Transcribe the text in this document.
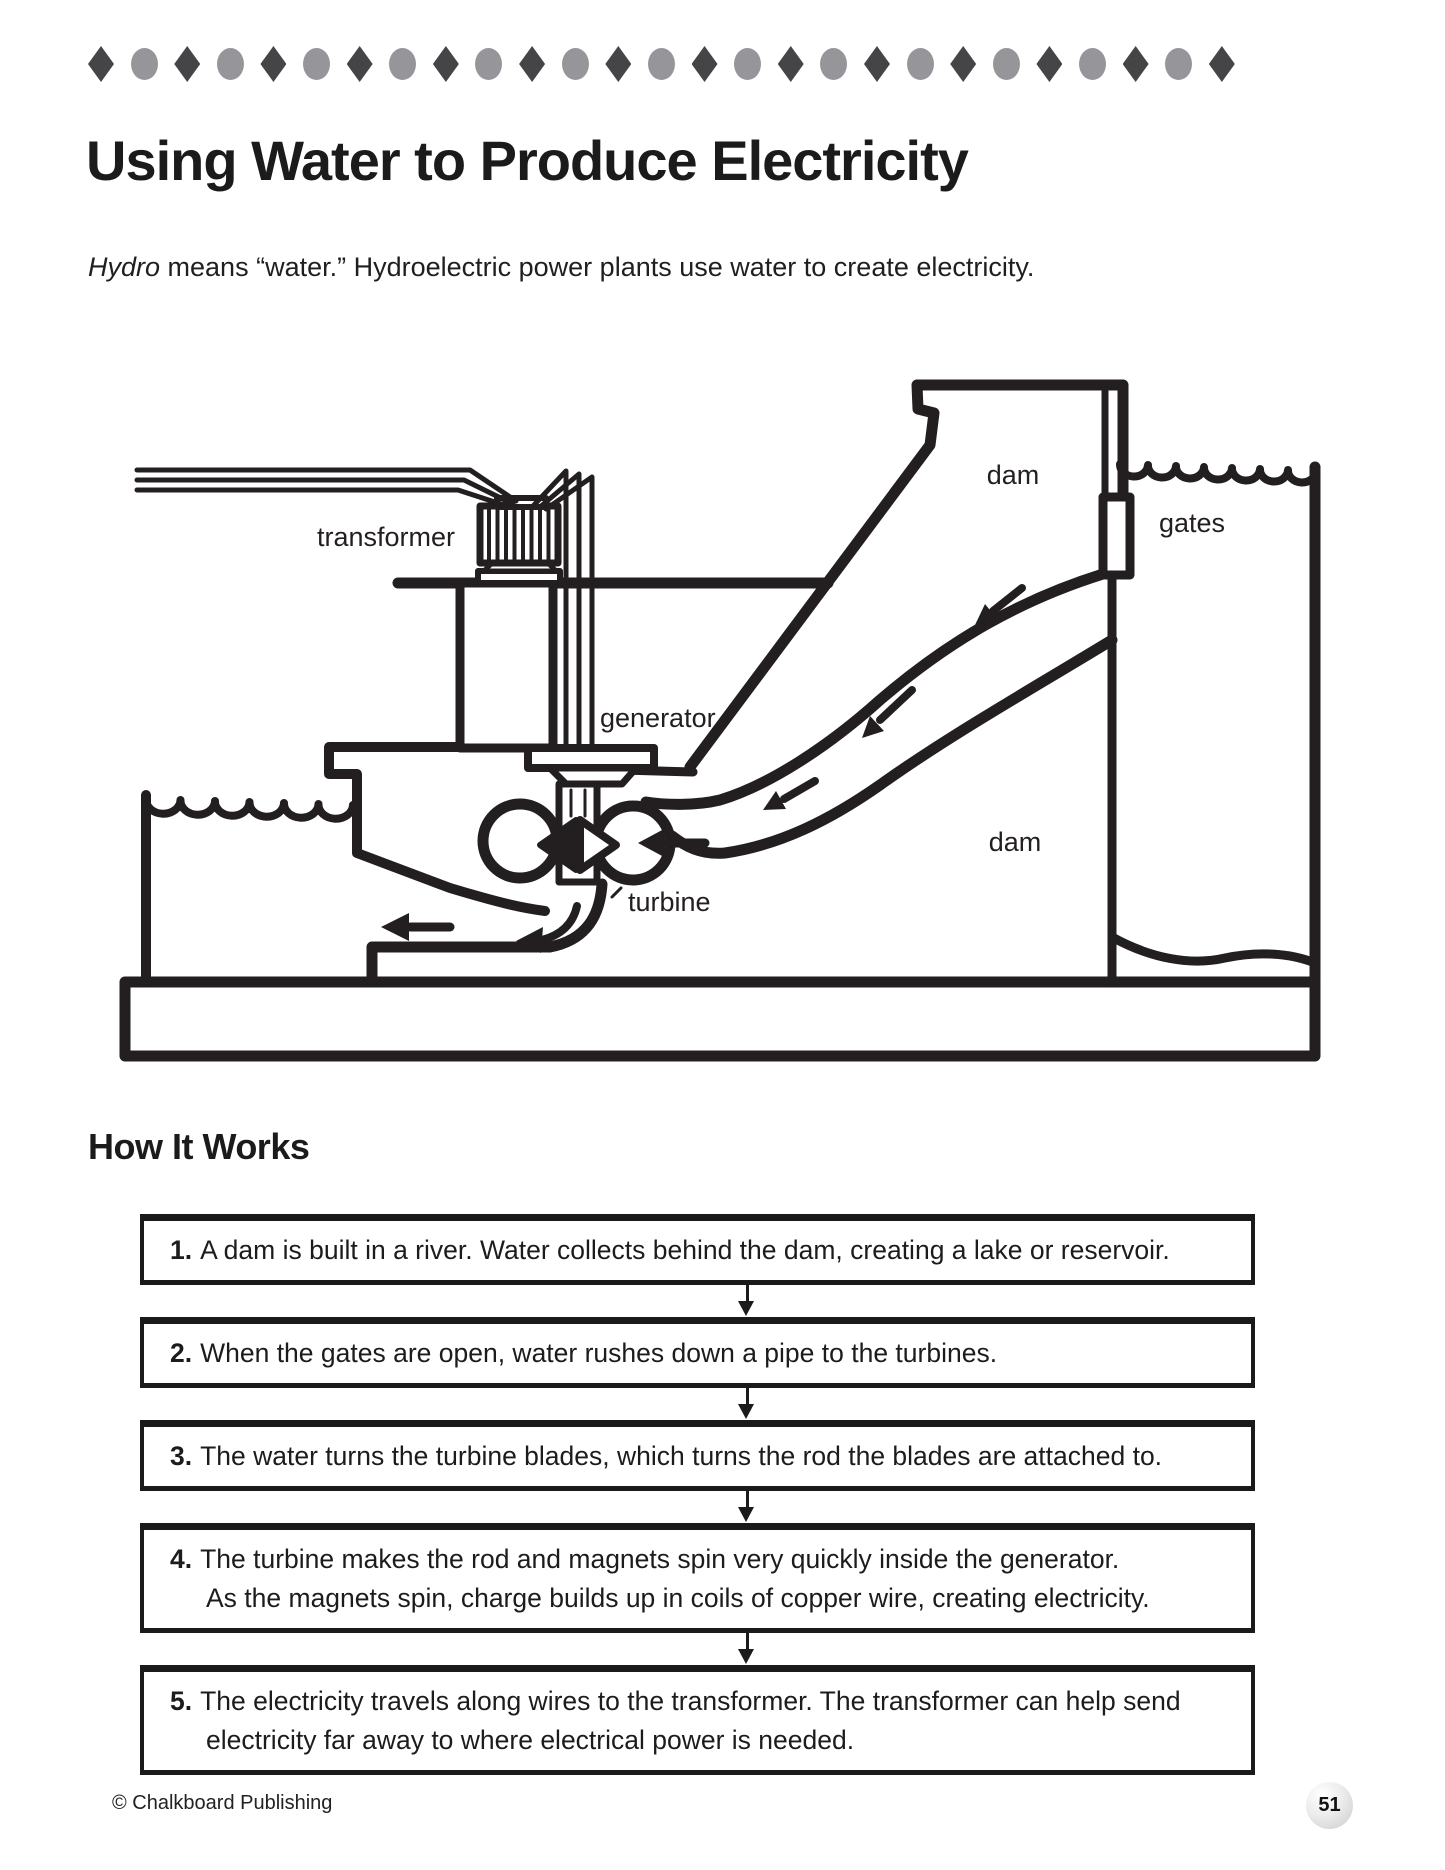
Using Water to Produce Electricity

Hydro means “water.” Hydroelectric power plants use water to create electricity.

transformer
dam
gates
generator
dam
turbine
How It Works
1. A dam is built in a river. Water collects behind the dam, creating a lake or reservoir.
2. When the gates are open, water rushes down a pipe to the turbines.
3. The water turns the turbine blades, which turns the rod the blades are attached to.
4. The turbine makes the rod and magnets spin very quickly inside the generator.
As the magnets spin, charge builds up in coils of copper wire, creating electricity.
5. The electricity travels along wires to the transformer. The transformer can help send
electricity far away to where electrical power is needed.
© Chalkboard Publishing	51
